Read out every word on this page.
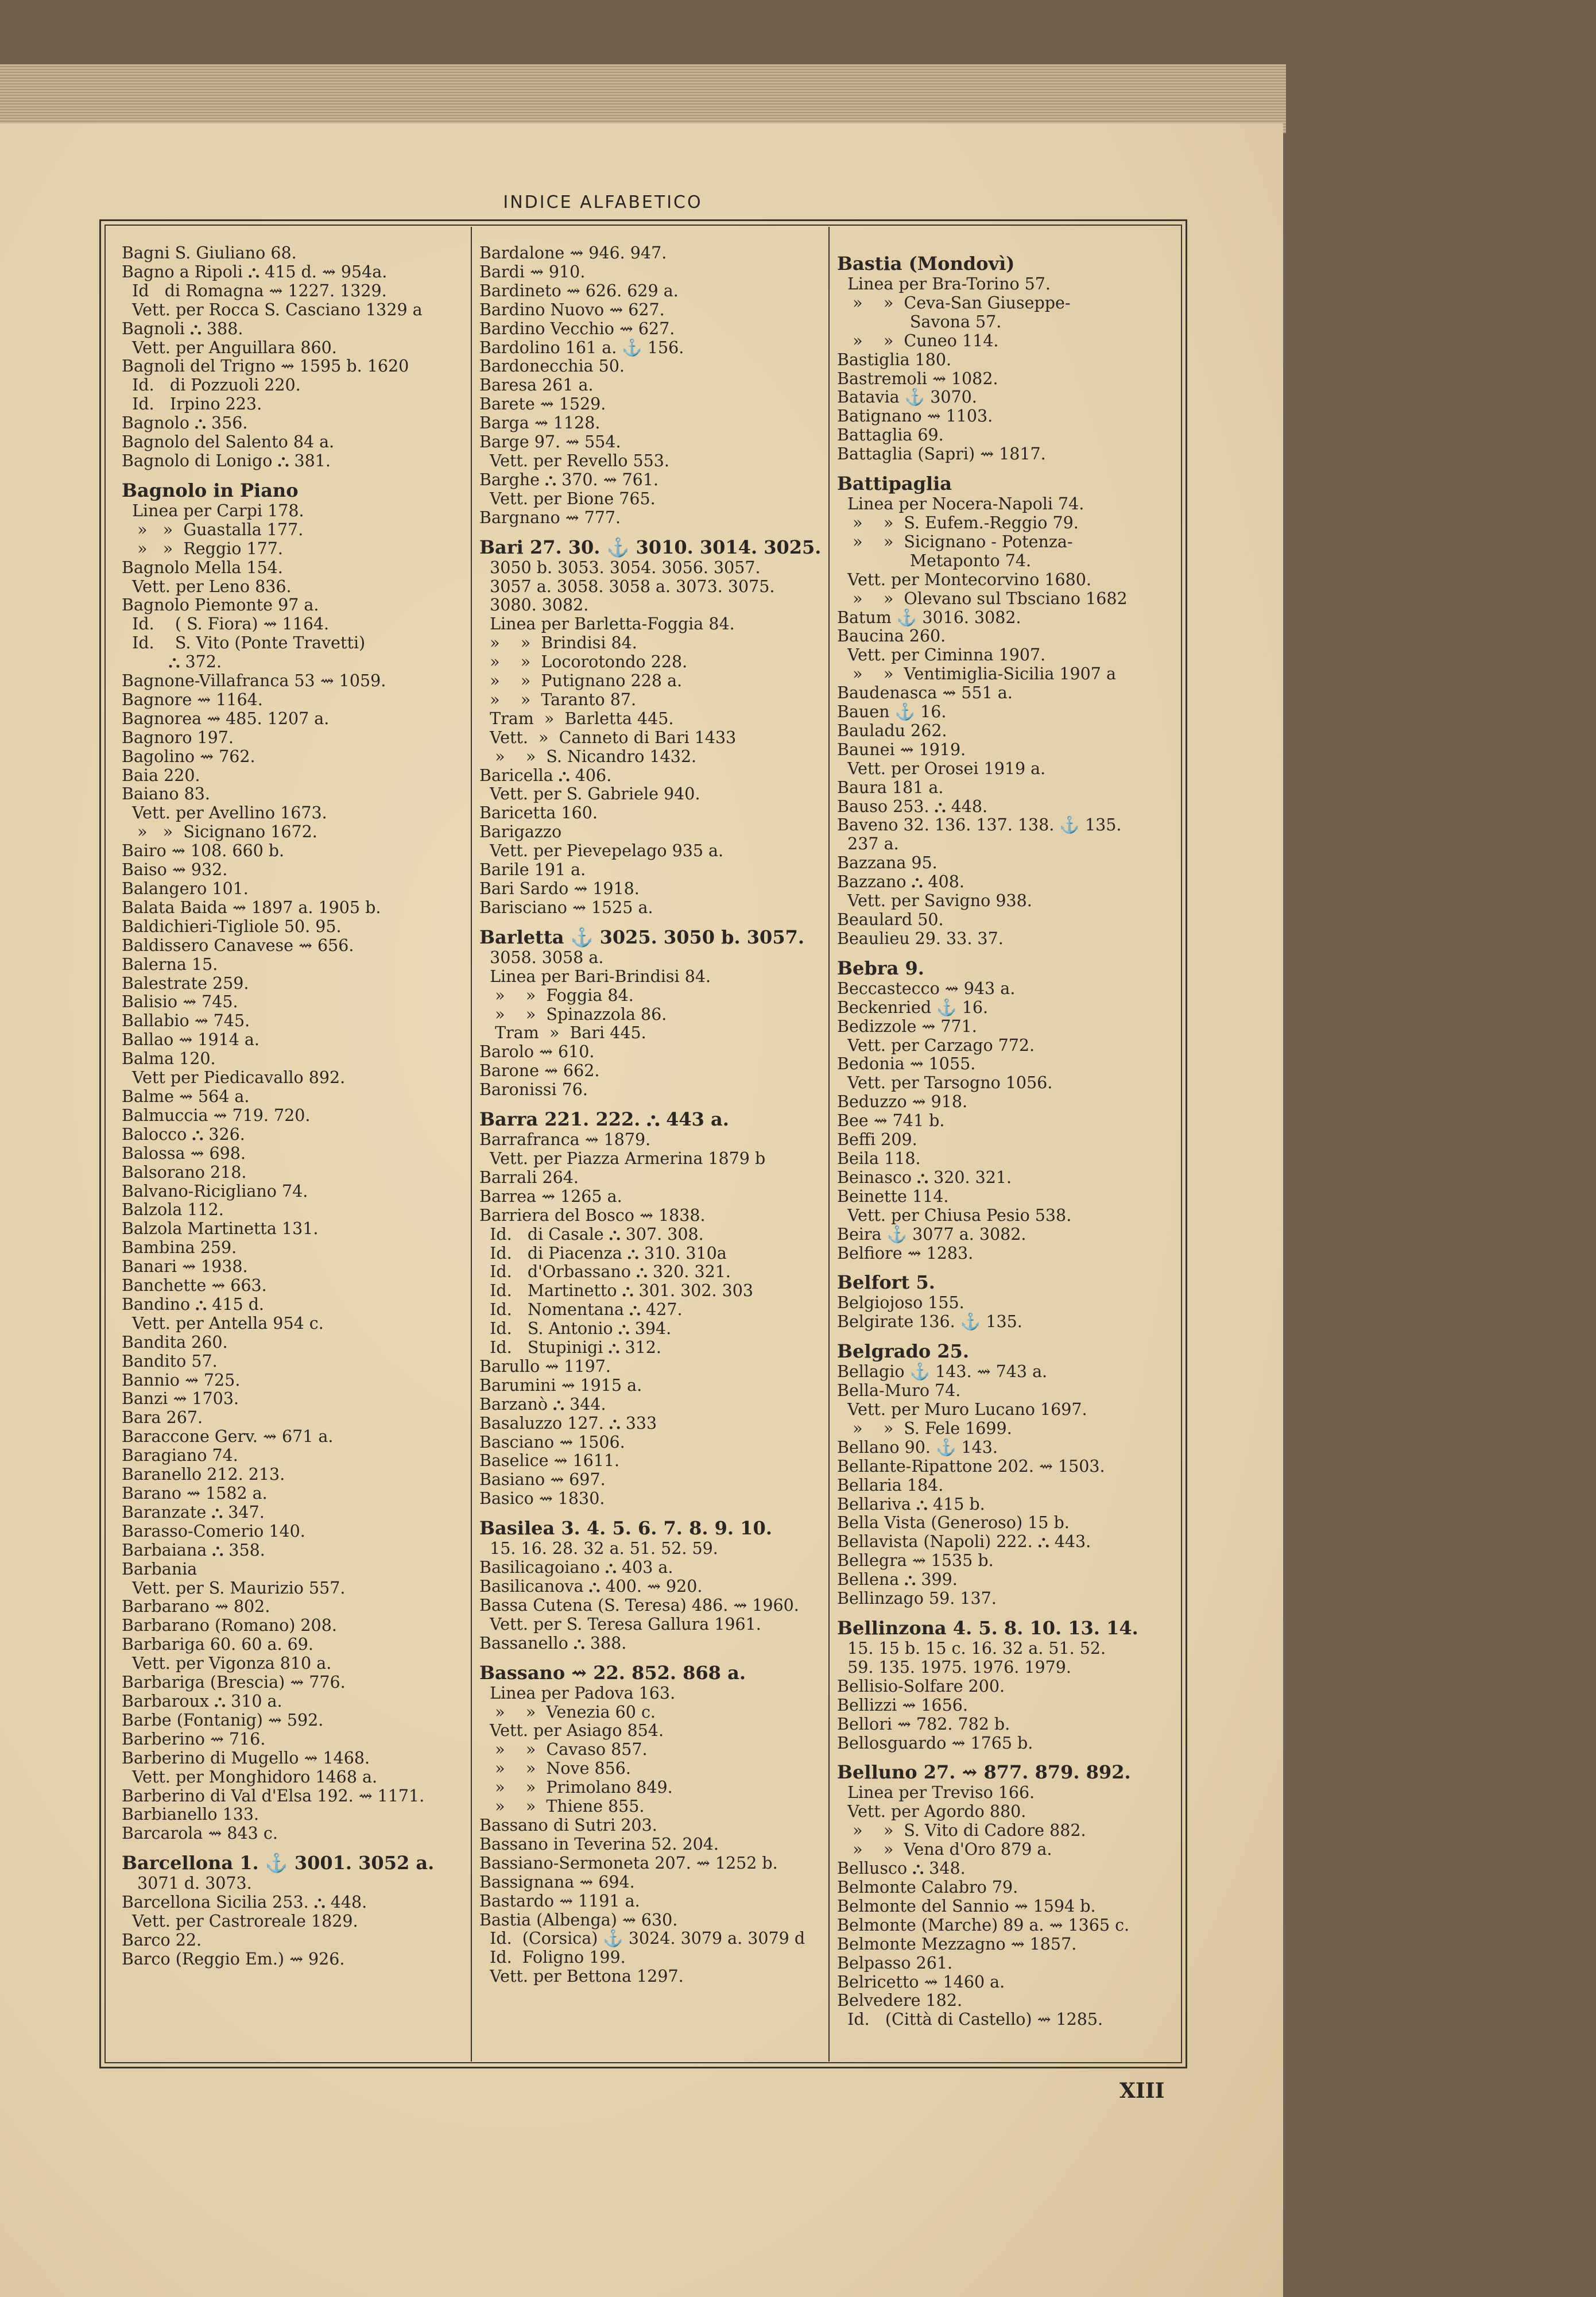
INDICE ALFABETICO
Bagni S. Giuliano 68.
Bagno a Ripoli ⛬ 415 d. ⇝ 954a.
Id   di Romagna ⇝ 1227. 1329.
Vett. per Rocca S. Casciano 1329 a
Bagnoli ⛬ 388.
Vett. per Anguillara 860.
Bagnoli del Trigno ⇝ 1595 b. 1620
Id.   di Pozzuoli 220.
Id.   Irpino 223.
Bagnolo ⛬ 356.
Bagnolo del Salento 84 a.
Bagnolo di Lonigo ⛬ 381.
Bagnolo in Piano
Linea per Carpi 178.
»   »  Guastalla 177.
»   »  Reggio 177.
Bagnolo Mella 154.
Vett. per Leno 836.
Bagnolo Piemonte 97 a.
Id.    ( S. Fiora) ⇝ 1164.
Id.    S. Vito (Ponte Travetti)
⛬ 372.
Bagnone-Villafranca 53 ⇝ 1059.
Bagnore ⇝ 1164.
Bagnorea ⇝ 485. 1207 a.
Bagnoro 197.
Bagolino ⇝ 762.
Baia 220.
Baiano 83.
Vett. per Avellino 1673.
»   »  Sicignano 1672.
Bairo ⇝ 108. 660 b.
Baiso ⇝ 932.
Balangero 101.
Balata Baida ⇝ 1897 a. 1905 b.
Baldichieri-Tigliole 50. 95.
Baldissero Canavese ⇝ 656.
Balerna 15.
Balestrate 259.
Balisio ⇝ 745.
Ballabio ⇝ 745.
Ballao ⇝ 1914 a.
Balma 120.
Vett per Piedicavallo 892.
Balme ⇝ 564 a.
Balmuccia ⇝ 719. 720.
Balocco ⛬ 326.
Balossa ⇝ 698.
Balsorano 218.
Balvano-Ricigliano 74.
Balzola 112.
Balzola Martinetta 131.
Bambina 259.
Banari ⇝ 1938.
Banchette ⇝ 663.
Bandino ⛬ 415 d.
Vett. per Antella 954 c.
Bandita 260.
Bandito 57.
Bannio ⇝ 725.
Banzi ⇝ 1703.
Bara 267.
Baraccone Gerv. ⇝ 671 a.
Baragiano 74.
Baranello 212. 213.
Barano ⇝ 1582 a.
Baranzate ⛬ 347.
Barasso-Comerio 140.
Barbaiana ⛬ 358.
Barbania
Vett. per S. Maurizio 557.
Barbarano ⇝ 802.
Barbarano (Romano) 208.
Barbariga 60. 60 a. 69.
Vett. per Vigonza 810 a.
Barbariga (Brescia) ⇝ 776.
Barbaroux ⛬ 310 a.
Barbe (Fontanig) ⇝ 592.
Barberino ⇝ 716.
Barberino di Mugello ⇝ 1468.
Vett. per Monghidoro 1468 a.
Barberino di Val d'Elsa 192. ⇝ 1171.
Barbianello 133.
Barcarola ⇝ 843 c.
Barcellona 1. ⚓ 3001. 3052 a.
3071 d. 3073.
Barcellona Sicilia 253. ⛬ 448.
Vett. per Castroreale 1829.
Barco 22.
Barco (Reggio Em.) ⇝ 926.
Bardalone ⇝ 946. 947.
Bardi ⇝ 910.
Bardineto ⇝ 626. 629 a.
Bardino Nuovo ⇝ 627.
Bardino Vecchio ⇝ 627.
Bardolino 161 a. ⚓ 156.
Bardonecchia 50.
Baresa 261 a.
Barete ⇝ 1529.
Barga ⇝ 1128.
Barge 97. ⇝ 554.
Vett. per Revello 553.
Barghe ⛬ 370. ⇝ 761.
Vett. per Bione 765.
Bargnano ⇝ 777.
Bari 27. 30. ⚓ 3010. 3014. 3025.
3050 b. 3053. 3054. 3056. 3057.
3057 a. 3058. 3058 a. 3073. 3075.
3080. 3082.
Linea per Barletta-Foggia 84.
»    »  Brindisi 84.
»    »  Locorotondo 228.
»    »  Putignano 228 a.
»    »  Taranto 87.
Tram  »  Barletta 445.
Vett.  »  Canneto di Bari 1433
»    »  S. Nicandro 1432.
Baricella ⛬ 406.
Vett. per S. Gabriele 940.
Baricetta 160.
Barigazzo
Vett. per Pievepelago 935 a.
Barile 191 a.
Bari Sardo ⇝ 1918.
Barisciano ⇝ 1525 a.
Barletta ⚓ 3025. 3050 b. 3057.
3058. 3058 a.
Linea per Bari-Brindisi 84.
»    »  Foggia 84.
»    »  Spinazzola 86.
Tram  »  Bari 445.
Barolo ⇝ 610.
Barone ⇝ 662.
Baronissi 76.
Barra 221. 222. ⛬ 443 a.
Barrafranca ⇝ 1879.
Vett. per Piazza Armerina 1879 b
Barrali 264.
Barrea ⇝ 1265 a.
Barriera del Bosco ⇝ 1838.
Id.   di Casale ⛬ 307. 308.
Id.   di Piacenza ⛬ 310. 310a
Id.   d'Orbassano ⛬ 320. 321.
Id.   Martinetto ⛬ 301. 302. 303
Id.   Nomentana ⛬ 427.
Id.   S. Antonio ⛬ 394.
Id.   Stupinigi ⛬ 312.
Barullo ⇝ 1197.
Barumini ⇝ 1915 a.
Barzanò ⛬ 344.
Basaluzzo 127. ⛬ 333
Basciano ⇝ 1506.
Baselice ⇝ 1611.
Basiano ⇝ 697.
Basico ⇝ 1830.
Basilea 3. 4. 5. 6. 7. 8. 9. 10.
15. 16. 28. 32 a. 51. 52. 59.
Basilicagoiano ⛬ 403 a.
Basilicanova ⛬ 400. ⇝ 920.
Bassa Cutena (S. Teresa) 486. ⇝ 1960.
Vett. per S. Teresa Gallura 1961.
Bassanello ⛬ 388.
Bassano ⇝ 22. 852. 868 a.
Linea per Padova 163.
»    »  Venezia 60 c.
Vett. per Asiago 854.
»    »  Cavaso 857.
»    »  Nove 856.
»    »  Primolano 849.
»    »  Thiene 855.
Bassano di Sutri 203.
Bassano in Teverina 52. 204.
Bassiano-Sermoneta 207. ⇝ 1252 b.
Bassignana ⇝ 694.
Bastardo ⇝ 1191 a.
Bastia (Albenga) ⇝ 630.
Id.  (Corsica) ⚓ 3024. 3079 a. 3079 d
Id.  Foligno 199.
Vett. per Bettona 1297.
Bastia (Mondovì)
Linea per Bra-Torino 57.
»    »  Ceva-San Giuseppe-
Savona 57.
»    »  Cuneo 114.
Bastiglia 180.
Bastremoli ⇝ 1082.
Batavia ⚓ 3070.
Batignano ⇝ 1103.
Battaglia 69.
Battaglia (Sapri) ⇝ 1817.
Battipaglia
Linea per Nocera-Napoli 74.
»    »  S. Eufem.-Reggio 79.
»    »  Sicignano - Potenza-
Metaponto 74.
Vett. per Montecorvino 1680.
»    »  Olevano sul Tbsciano 1682
Batum ⚓ 3016. 3082.
Baucina 260.
Vett. per Ciminna 1907.
»    »  Ventimiglia-Sicilia 1907 a
Baudenasca ⇝ 551 a.
Bauen ⚓ 16.
Bauladu 262.
Baunei ⇝ 1919.
Vett. per Orosei 1919 a.
Baura 181 a.
Bauso 253. ⛬ 448.
Baveno 32. 136. 137. 138. ⚓ 135.
237 a.
Bazzana 95.
Bazzano ⛬ 408.
Vett. per Savigno 938.
Beaulard 50.
Beaulieu 29. 33. 37.
Bebra 9.
Beccastecco ⇝ 943 a.
Beckenried ⚓ 16.
Bedizzole ⇝ 771.
Vett. per Carzago 772.
Bedonia ⇝ 1055.
Vett. per Tarsogno 1056.
Beduzzo ⇝ 918.
Bee ⇝ 741 b.
Beffi 209.
Beila 118.
Beinasco ⛬ 320. 321.
Beinette 114.
Vett. per Chiusa Pesio 538.
Beira ⚓ 3077 a. 3082.
Belfiore ⇝ 1283.
Belfort 5.
Belgiojoso 155.
Belgirate 136. ⚓ 135.
Belgrado 25.
Bellagio ⚓ 143. ⇝ 743 a.
Bella-Muro 74.
Vett. per Muro Lucano 1697.
»    »  S. Fele 1699.
Bellano 90. ⚓ 143.
Bellante-Ripattone 202. ⇝ 1503.
Bellaria 184.
Bellariva ⛬ 415 b.
Bella Vista (Generoso) 15 b.
Bellavista (Napoli) 222. ⛬ 443.
Bellegra ⇝ 1535 b.
Bellena ⛬ 399.
Bellinzago 59. 137.
Bellinzona 4. 5. 8. 10. 13. 14.
15. 15 b. 15 c. 16. 32 a. 51. 52.
59. 135. 1975. 1976. 1979.
Bellisio-Solfare 200.
Bellizzi ⇝ 1656.
Bellori ⇝ 782. 782 b.
Bellosguardo ⇝ 1765 b.
Belluno 27. ⇝ 877. 879. 892.
Linea per Treviso 166.
Vett. per Agordo 880.
»    »  S. Vito di Cadore 882.
»    »  Vena d'Oro 879 a.
Bellusco ⛬ 348.
Belmonte Calabro 79.
Belmonte del Sannio ⇝ 1594 b.
Belmonte (Marche) 89 a. ⇝ 1365 c.
Belmonte Mezzagno ⇝ 1857.
Belpasso 261.
Belricetto ⇝ 1460 a.
Belvedere 182.
Id.   (Città di Castello) ⇝ 1285.
XIII
